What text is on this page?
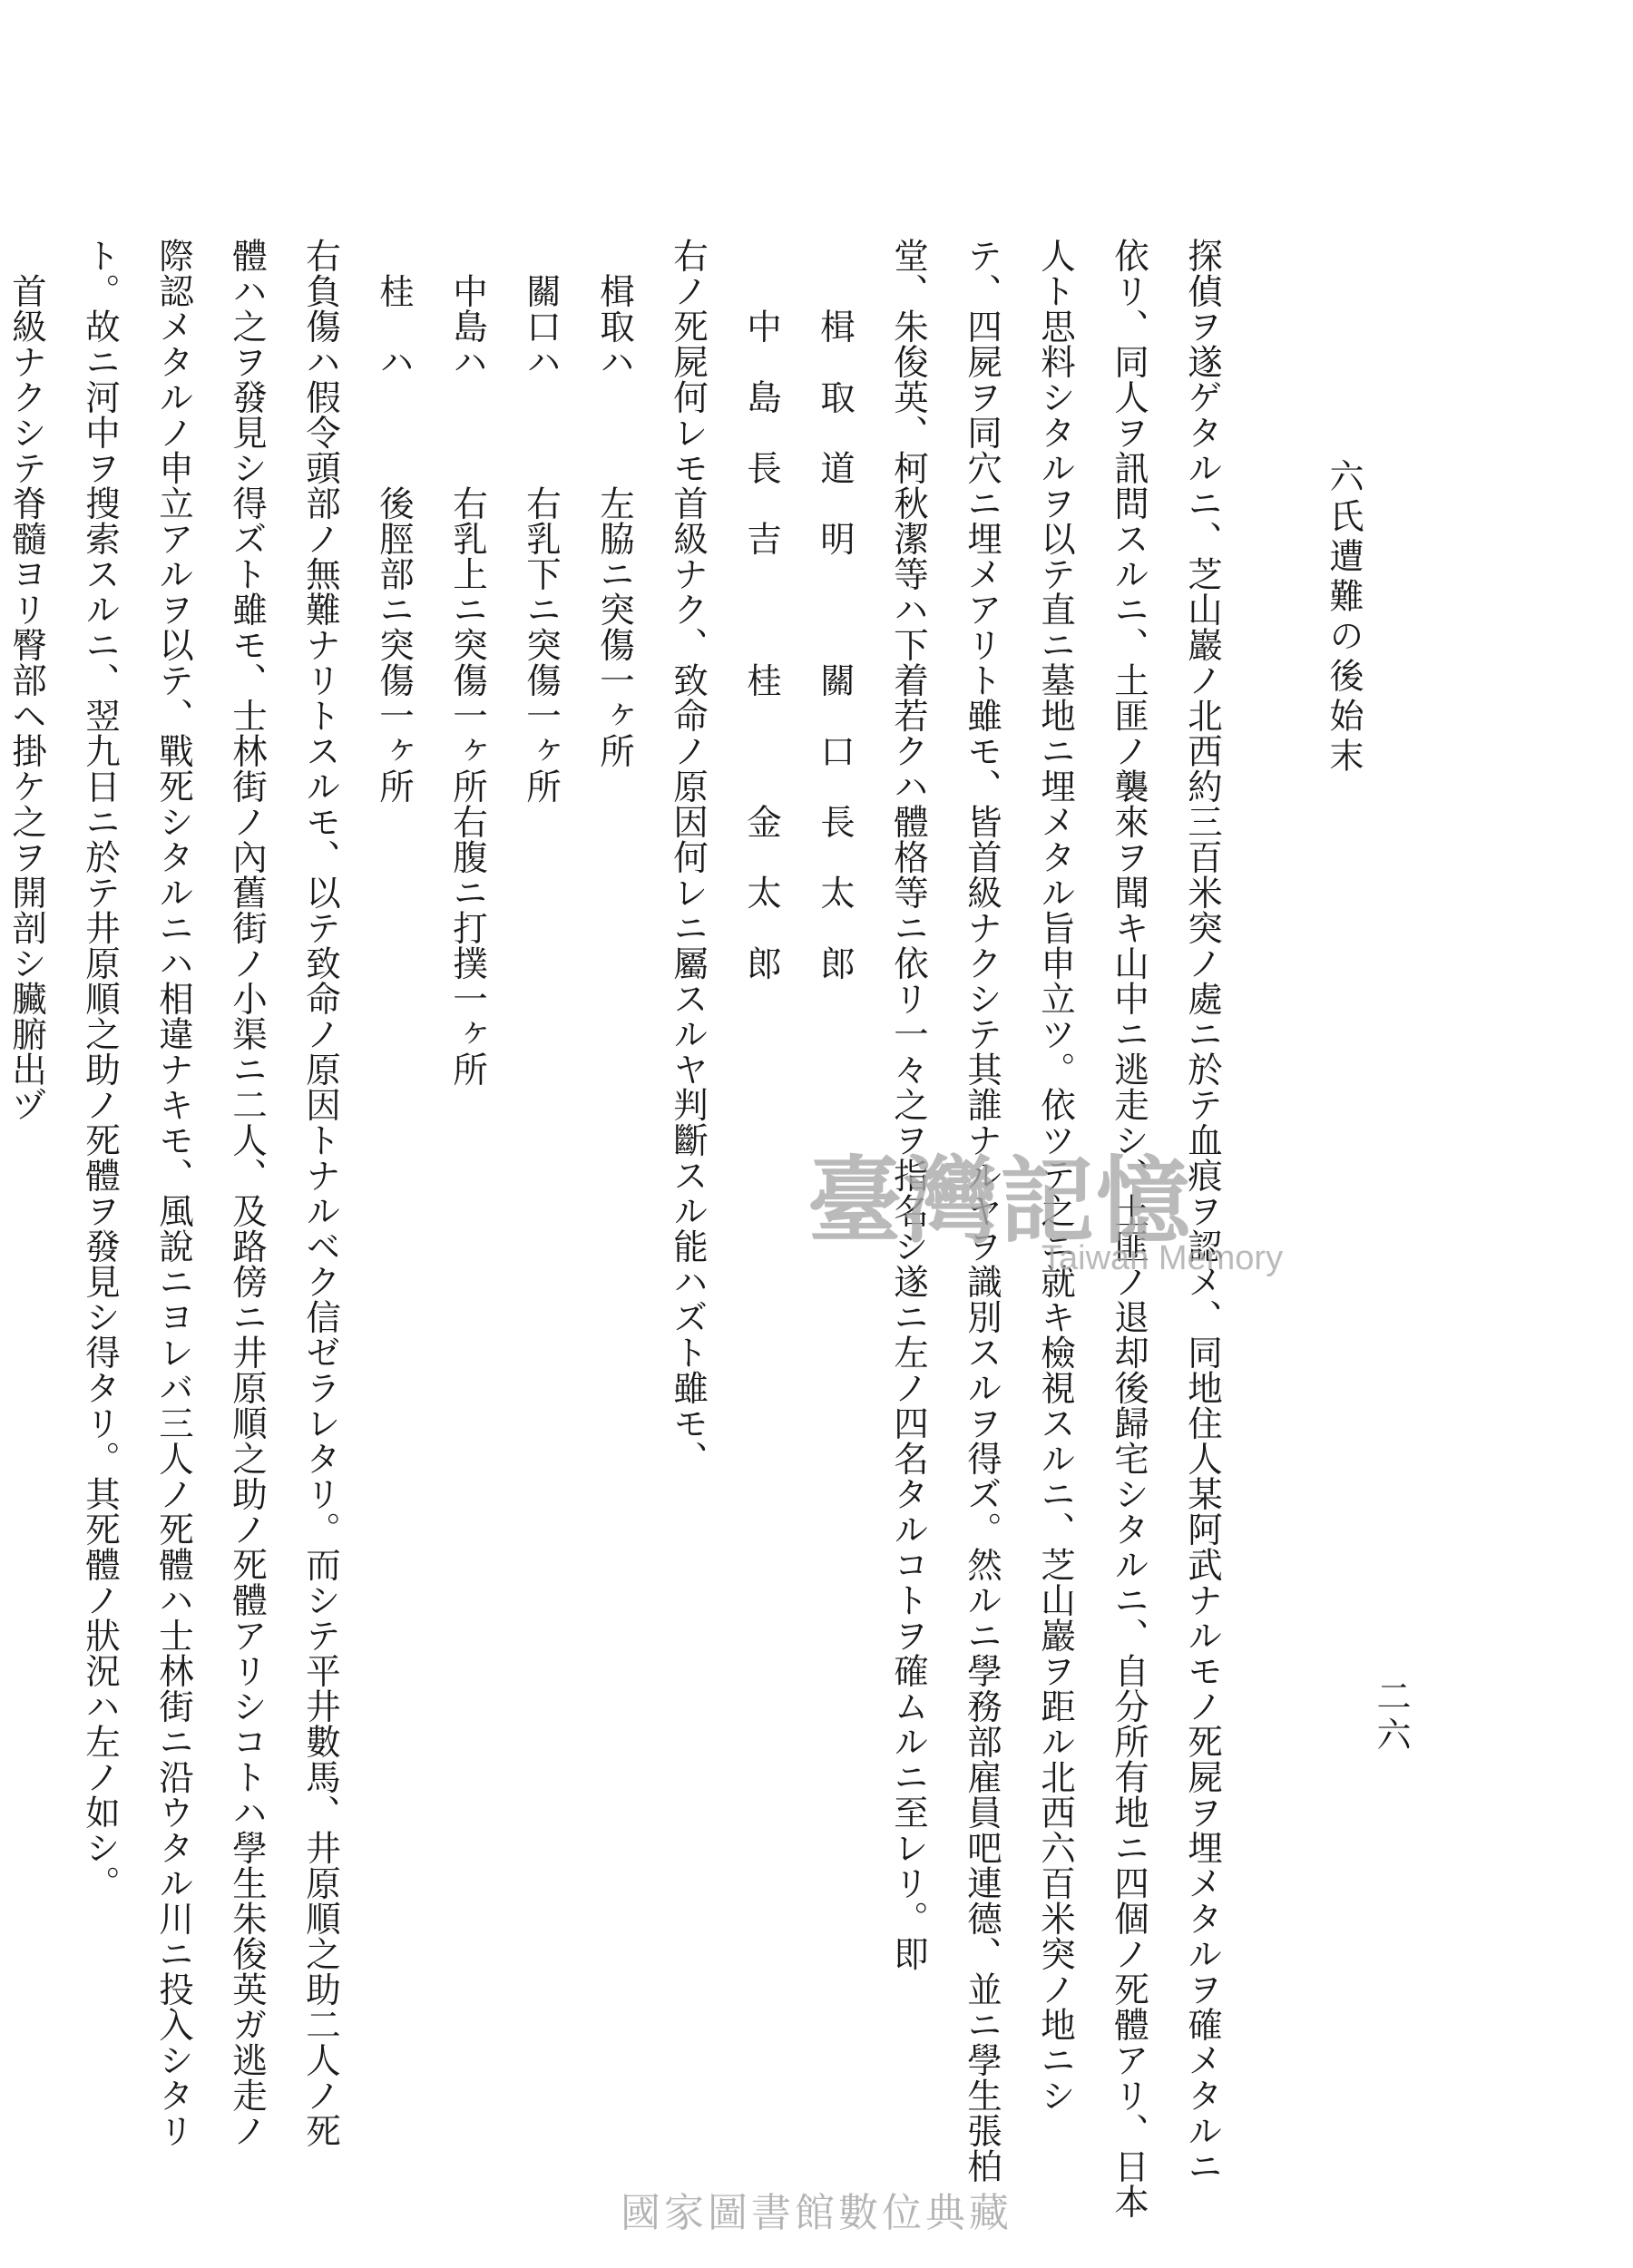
六氏遭難の後始末
二六
探偵ヲ遂ゲタルニ、芝山巖ノ北西約三百米突ノ處ニ於テ血痕ヲ認メ、同地住人某阿武ナルモノ死屍ヲ埋メタルヲ確メタルニ
依リ、同人ヲ訊問スルニ、土匪ノ襲來ヲ聞キ山中ニ逃走シ、土匪ノ退却後歸宅シタルニ、自分所有地ニ四個ノ死體アリ、日本
人ト思料シタルヲ以テ直ニ墓地ニ埋メタル旨申立ツ。依ツテ之ニ就キ檢視スルニ、芝山巖ヲ距ル北西六百米突ノ地ニシ
テ、四屍ヲ同穴ニ埋メアリト雖モ、皆首級ナクシテ其誰ナルヤヲ識別スルヲ得ズ。然ルニ學務部雇員吧連德、並ニ學生張柏
堂、朱俊英、柯秋潔等ハ下着若クハ體格等ニ依リ一々之ヲ指名シ遂ニ左ノ四名タルコトヲ確ムルニ至レリ。即
　　楫　取　道　明　　　關　口　長　太　郎
　　中　島　長　吉　　　桂　　　金　太　郎
右ノ死屍何レモ首級ナク、致命ノ原因何レニ屬スルヤ判斷スル能ハズト雖モ、
　楫取ハ　　　左脇ニ突傷一ヶ所
　關口ハ　　　右乳下ニ突傷一ヶ所
　中島ハ　　　右乳上ニ突傷一ヶ所右腹ニ打撲一ヶ所
　桂　ハ　　　後脛部ニ突傷一ヶ所
右負傷ハ假令頭部ノ無難ナリトスルモ、以テ致命ノ原因トナルベク信ゼラレタリ。而シテ平井數馬、井原順之助二人ノ死
體ハ之ヲ發見シ得ズト雖モ、士林街ノ內舊街ノ小渠ニ二人、及路傍ニ井原順之助ノ死體アリシコトハ學生朱俊英ガ逃走ノ
際認メタルノ申立アルヲ以テ、戰死シタルニハ相違ナキモ、風說ニヨレバ三人ノ死體ハ士林街ニ沿ウタル川ニ投入シタリ
ト。故ニ河中ヲ搜索スルニ、翌九日ニ於テ井原順之助ノ死體ヲ發見シ得タリ。其死體ノ狀況ハ左ノ如シ。
　首級ナクシテ脊髓ヨリ臀部ヘ掛ケ之ヲ開剖シ臟腑出ヅ
臺灣記憶
Taiwan Memory
國家圖書館數位典藏
